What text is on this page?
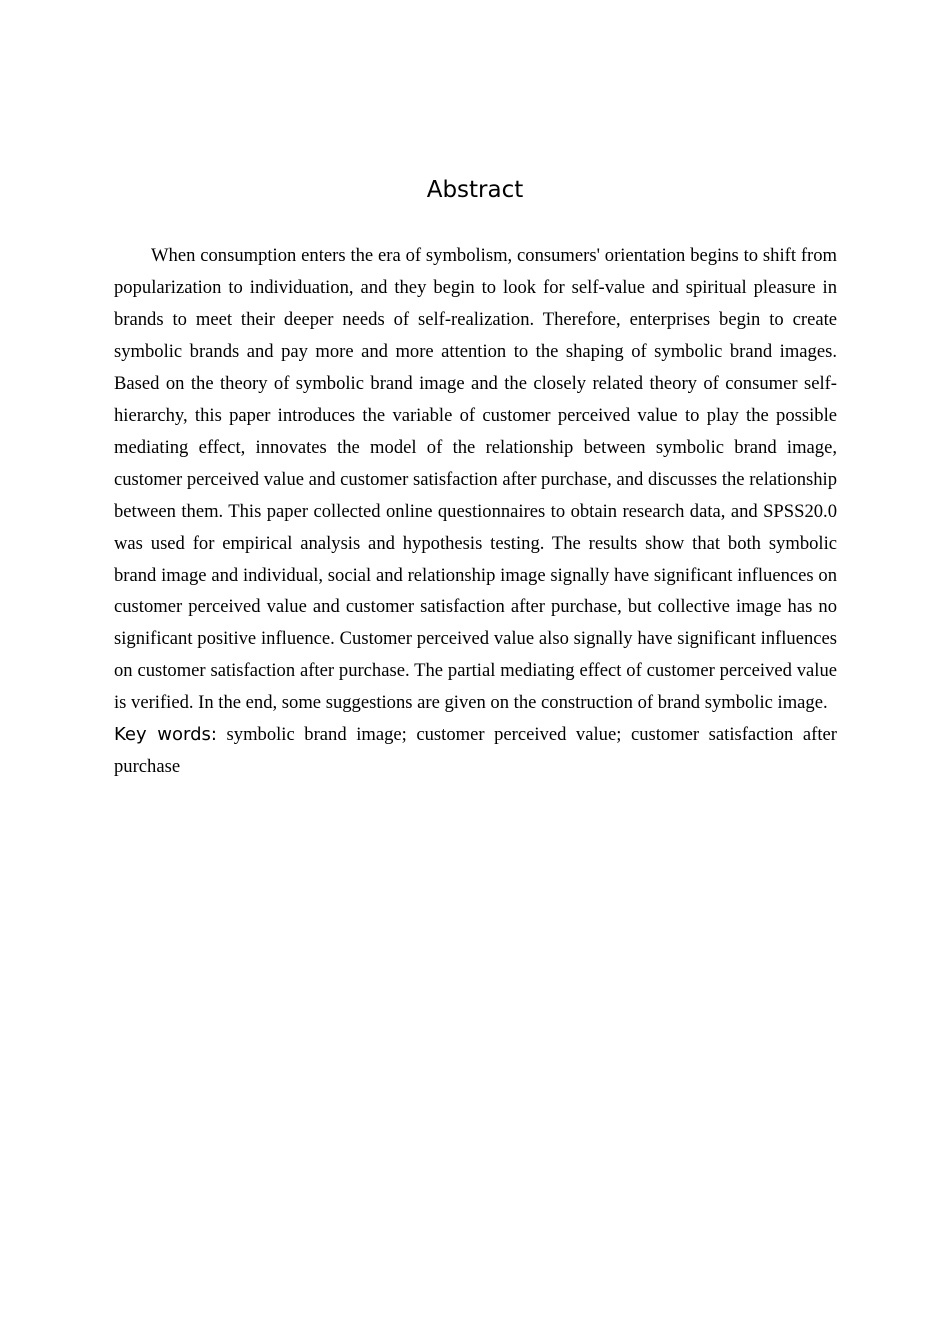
Abstract

When consumption enters the era of symbolism, consumers' orientation begins to shift from popularization to individuation, and they begin to look for self-value and spiritual pleasure in brands to meet their deeper needs of self-realization. Therefore, enterprises begin to create symbolic brands and pay more and more attention to the shaping of symbolic brand images. Based on the theory of symbolic brand image and the closely related theory of consumer self-hierarchy, this paper introduces the variable of customer perceived value to play the possible mediating effect, innovates the model of the relationship between symbolic brand image, customer perceived value and customer satisfaction after purchase, and discusses the relationship between them. This paper collected online questionnaires to obtain research data, and SPSS20.0 was used for empirical analysis and hypothesis testing. The results show that both symbolic brand image and individual, social and relationship image signally have significant influences on customer perceived value and customer satisfaction after purchase, but collective image has no significant positive influence. Customer perceived value also signally have significant influences on customer satisfaction after purchase. The partial mediating effect of customer perceived value is verified. In the end, some suggestions are given on the construction of brand symbolic image.

Key words: symbolic brand image; customer perceived value; customer satisfaction after purchase
